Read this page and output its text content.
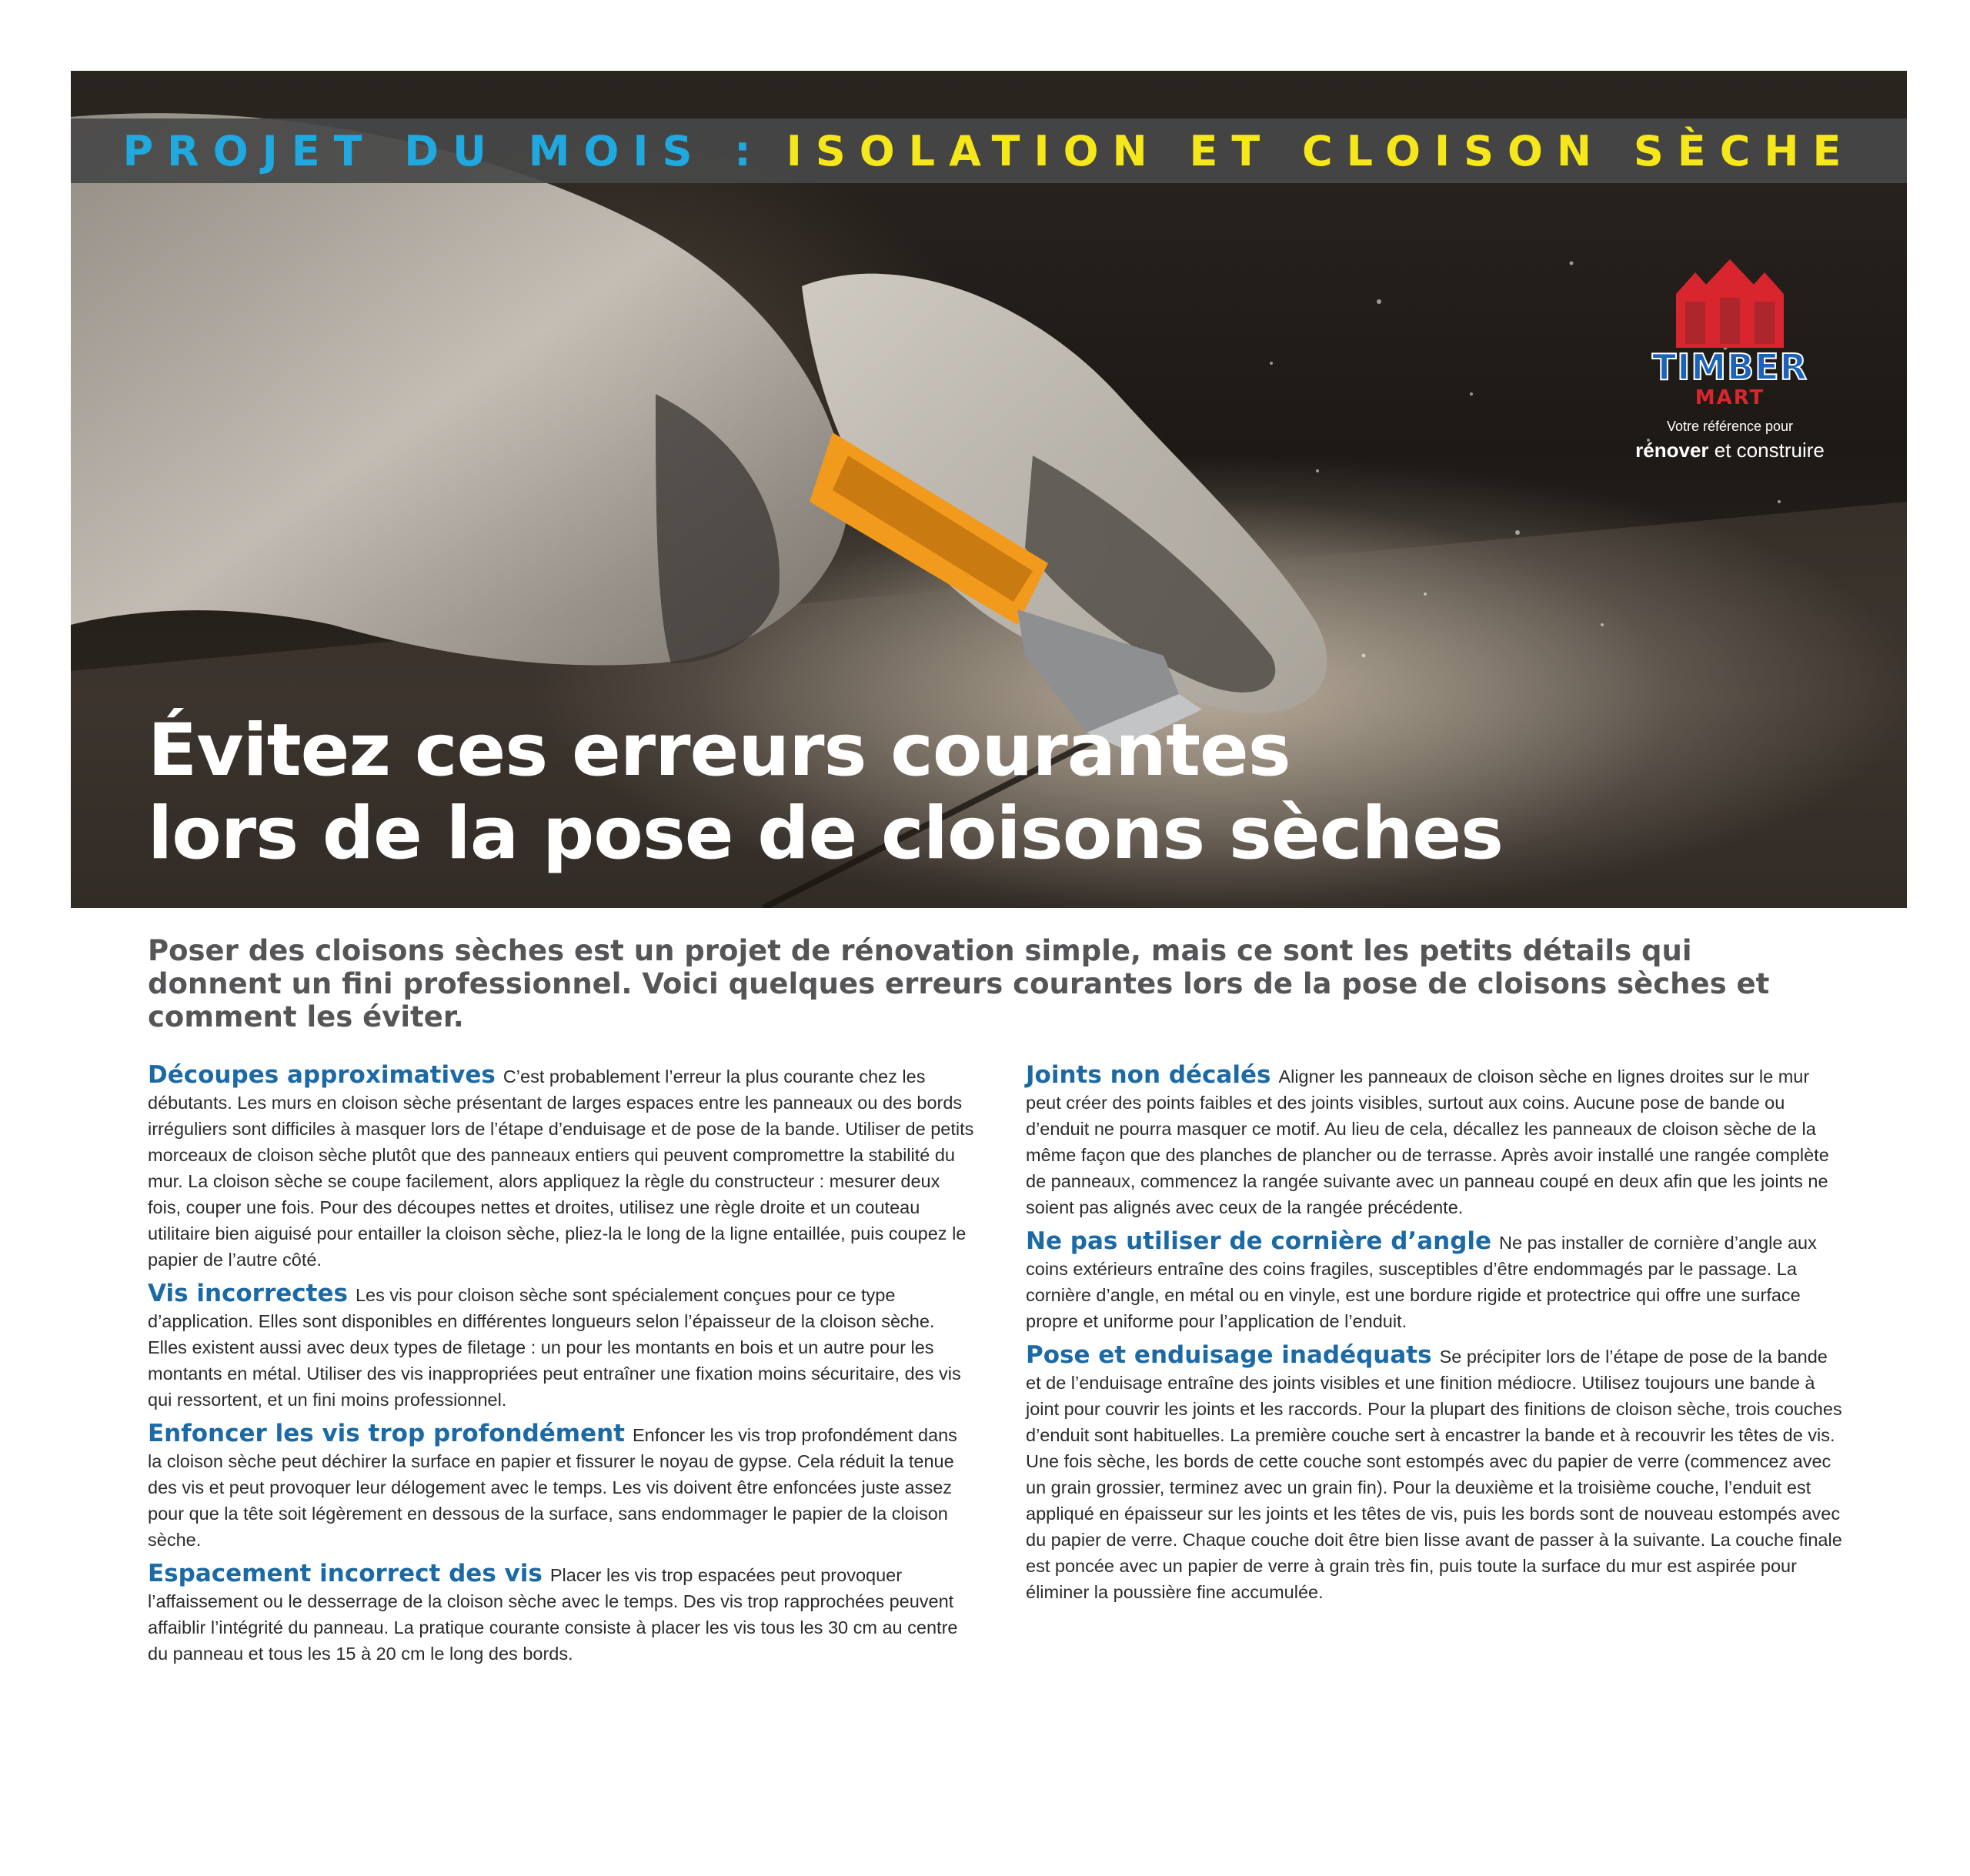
PROJET DU MOIS : ISOLATION ET CLOISON SÈCHE
TIMBER
MART
Votre référence pour
rénover et construire
Évitez ces erreurs courantes
lors de la pose de cloisons sèches

Poser des cloisons sèches est un projet de rénovation simple, mais ce sont les petits détails qui donnent un fini professionnel. Voici quelques erreurs courantes lors de la pose de cloisons sèches et comment les éviter.

Découpes approximatives C’est probablement l’erreur la plus courante chez les débutants. Les murs en cloison sèche présentant de larges espaces entre les panneaux ou des bords irréguliers sont difficiles à masquer lors de l’étape d’enduisage et de pose de la bande. Utiliser de petits morceaux de cloison sèche plutôt que des panneaux entiers qui peuvent compromettre la stabilité du mur. La cloison sèche se coupe facilement, alors appliquez la règle du constructeur : mesurer deux fois, couper une fois. Pour des découpes nettes et droites, utilisez une règle droite et un couteau utilitaire bien aiguisé pour entailler la cloison sèche, pliez-la le long de la ligne entaillée, puis coupez le papier de l’autre côté.

Vis incorrectes Les vis pour cloison sèche sont spécialement conçues pour ce type d’application. Elles sont disponibles en différentes longueurs selon l’épaisseur de la cloison sèche. Elles existent aussi avec deux types de filetage : un pour les montants en bois et un autre pour les montants en métal. Utiliser des vis inappropriées peut entraîner une fixation moins sécuritaire, des vis qui ressortent, et un fini moins professionnel.

Enfoncer les vis trop profondément Enfoncer les vis trop profondément dans la cloison sèche peut déchirer la surface en papier et fissurer le noyau de gypse. Cela réduit la tenue des vis et peut provoquer leur délogement avec le temps. Les vis doivent être enfoncées juste assez pour que la tête soit légèrement en dessous de la surface, sans endommager le papier de la cloison sèche.

Espacement incorrect des vis Placer les vis trop espacées peut provoquer l’affaissement ou le desserrage de la cloison sèche avec le temps. Des vis trop rapprochées peuvent affaiblir l’intégrité du panneau. La pratique courante consiste à placer les vis tous les 30 cm au centre du panneau et tous les 15 à 20 cm le long des bords.

Joints non décalés Aligner les panneaux de cloison sèche en lignes droites sur le mur peut créer des points faibles et des joints visibles, surtout aux coins. Aucune pose de bande ou d’enduit ne pourra masquer ce motif. Au lieu de cela, décallez les panneaux de cloison sèche de la même façon que des planches de plancher ou de terrasse. Après avoir installé une rangée complète de panneaux, commencez la rangée suivante avec un panneau coupé en deux afin que les joints ne soient pas alignés avec ceux de la rangée précédente.

Ne pas utiliser de cornière d’angle Ne pas installer de cornière d’angle aux coins extérieurs entraîne des coins fragiles, susceptibles d’être endommagés par le passage. La cornière d’angle, en métal ou en vinyle, est une bordure rigide et protectrice qui offre une surface propre et uniforme pour l’application de l’enduit.

Pose et enduisage inadéquats Se précipiter lors de l’étape de pose de la bande et de l’enduisage entraîne des joints visibles et une finition médiocre. Utilisez toujours une bande à joint pour couvrir les joints et les raccords. Pour la plupart des finitions de cloison sèche, trois couches d’enduit sont habituelles. La première couche sert à encastrer la bande et à recouvrir les têtes de vis. Une fois sèche, les bords de cette couche sont estompés avec du papier de verre (commencez avec un grain grossier, terminez avec un grain fin). Pour la deuxième et la troisième couche, l’enduit est appliqué en épaisseur sur les joints et les têtes de vis, puis les bords sont de nouveau estompés avec du papier de verre. Chaque couche doit être bien lisse avant de passer à la suivante. La couche finale est poncée avec un papier de verre à grain très fin, puis toute la surface du mur est aspirée pour éliminer la poussière fine accumulée.
